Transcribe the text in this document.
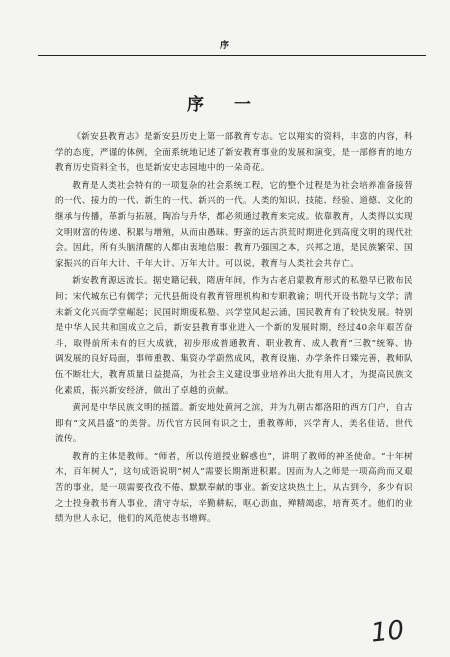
序
序 一

《新安县教育志》是新安县历史上第一部教育专志。它以翔实的资料，丰富的内容，科学的态度，严谨的体例，全面系统地记述了新安教育事业的发展和演变，是一部修育的地方教育历史资料全书，也是新安史志园地中的一朵奇花。

教育是人类社会特有的一项复杂的社会系统工程，它的整个过程是为社会培养准备接替的一代、接力的一代、新生的一代、新兴的一代。人类的知识、技能、经验、道德、文化的继承与传播，革新与拓展，陶冶与升华，都必须通过教育来完成。依靠教育，人类得以实现文明财富的传递、积累与增殖，从而由愚昧、野蛮的远古洪荒时期进化到高度文明的现代社会。因此，所有头脑清醒的人都由衷地信服：教育乃强国之本，兴邦之道，是民族繁荣、国家振兴的百年大计、千年大计、万年大计。可以说，教育与人类社会共存亡。

新安教育源远流长。据史籍记载，隋唐年间，作为古老启蒙教育形式的私塾早已散布民间；宋代城东已有儒学；元代县衙设有教育管理机构和专职教谕；明代开设书院与文学；清末新文化兴而学堂崛起；民国时期废私塾、兴学堂风起云涌，国民教育有了较快发展。特别是中华人民共和国成立之后，新安县教育事业进入一个新的发展时期，经过40余年艰苦奋斗，取得前所未有的巨大成就，初步形成普通教育、职业教育、成人教育“三教”统筹、协调发展的良好局面，事师重教、集资办学蔚然成风，教育设施、办学条件日臻完善，教师队伍不断壮大，教育质量日益提高，为社会主义建设事业培养出大批有用人才，为提高民族文化素质，振兴新安经济，做出了卓越的贡献。

黄河是中华民族文明的摇篮。新安地处黄河之滨，并为九朝古都洛阳的西方门户，自古即有“文风昌盛”的美誉。历代官方民间有识之士，重教尊师，兴学育人，美名佳话，世代流传。

教育的主体是教师。“师者，所以传道授业解惑也”，讲明了教师的神圣使命。“十年树木，百年树人”，这句成语说明“树人”需要长期渐进积累。因而为人之师是一项高尚而又艰苦的事业，是一项需要孜孜不倦、默默奉献的事业。新安这块热土上，从古到今，多少有识之士投身教书育人事业，清守寺坛，辛勤耕耘，呕心沥血，殚精竭虑，培育英才。他们的业绩为世人永记，他们的风范使志书增辉。

10
